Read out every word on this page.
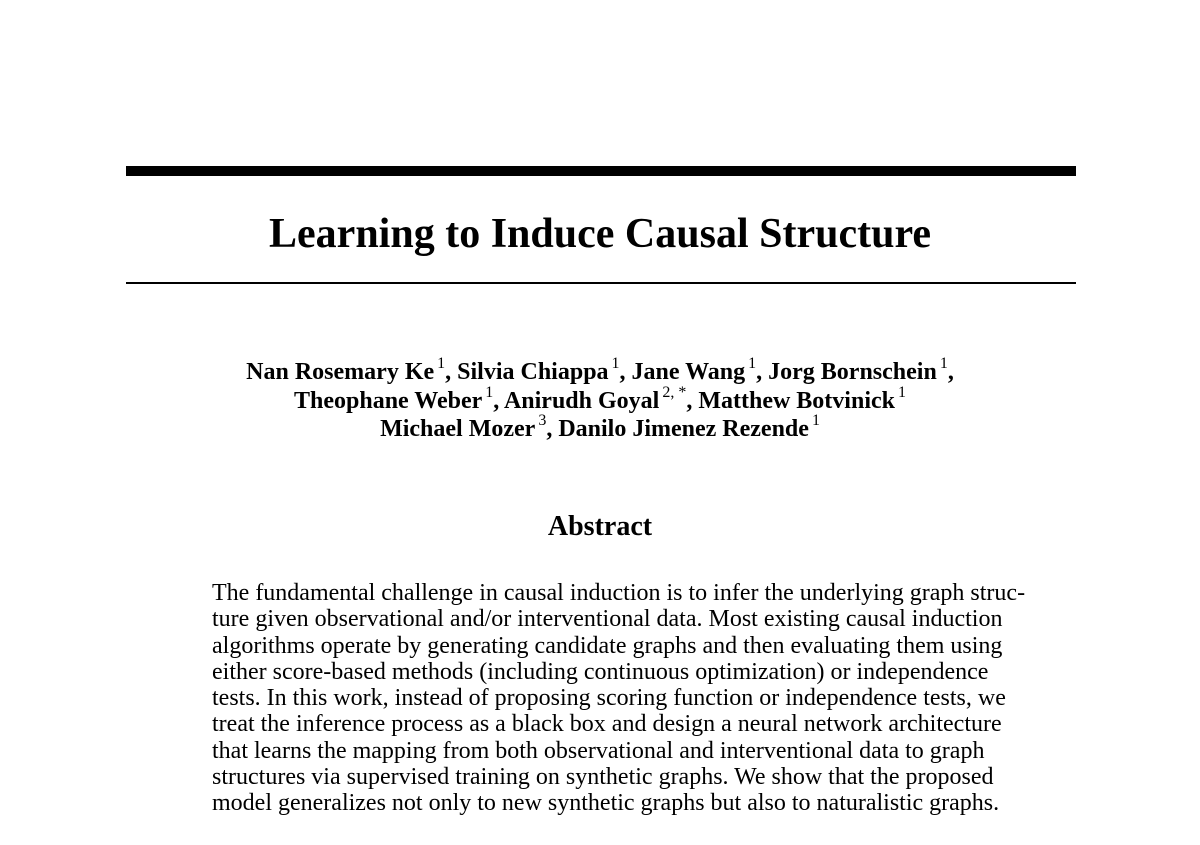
Learning to Induce Causal Structure
Nan Rosemary Ke $^1$, Silvia Chiappa $^1$, Jane Wang $^1$, Jorg Bornschein $^1$,
Theophane Weber $^1$, Anirudh Goyal $^{2, *}$, Matthew Botvinick $^1$
Michael Mozer $^3$, Danilo Jimenez Rezende $^1$
Abstract
The fundamental challenge in causal induction is to infer the underlying graph struc-
ture given observational and/or interventional data. Most existing causal induction
algorithms operate by generating candidate graphs and then evaluating them using
either score-based methods (including continuous optimization) or independence
tests. In this work, instead of proposing scoring function or independence tests, we
treat the inference process as a black box and design a neural network architecture
that learns the mapping from both observational and interventional data to graph
structures via supervised training on synthetic graphs. We show that the proposed
model generalizes not only to new synthetic graphs but also to naturalistic graphs.
